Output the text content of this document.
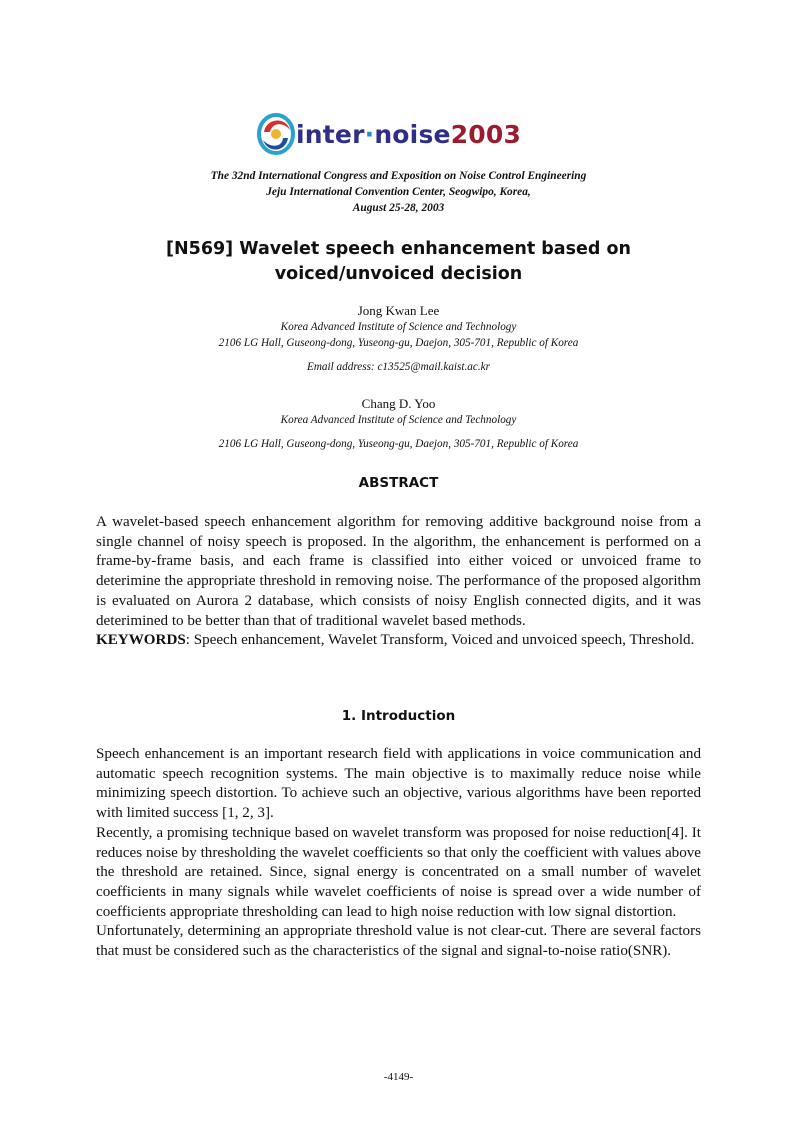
inter·noise2003
The 32nd International Congress and Exposition on Noise Control Engineering
Jeju International Convention Center, Seogwipo, Korea,
August 25-28, 2003
[N569] Wavelet speech enhancement based on voiced/unvoiced decision
Jong Kwan Lee
Korea Advanced Institute of Science and Technology
2106 LG Hall, Guseong-dong, Yuseong-gu, Daejon, 305-701, Republic of Korea
Email address: c13525@mail.kaist.ac.kr
Chang D. Yoo
Korea Advanced Institute of Science and Technology
2106 LG Hall, Guseong-dong, Yuseong-gu, Daejon, 305-701, Republic of Korea
ABSTRACT

A wavelet-based speech enhancement algorithm for removing additive background noise from a single channel of noisy speech is proposed. In the algorithm, the enhancement is performed on a frame-by-frame basis, and each frame is classified into either voiced or unvoiced frame to deterimine the appropriate threshold in removing noise. The performance of the proposed algorithm is evaluated on Aurora 2 database, which consists of noisy English connected digits, and it was deterimined to be better than that of traditional wavelet based methods.

KEYWORDS: Speech enhancement, Wavelet Transform, Voiced and unvoiced speech, Threshold.

1. Introduction

Speech enhancement is an important research field with applications in voice communication and automatic speech recognition systems. The main objective is to maximally reduce noise while minimizing speech distortion. To achieve such an objective, various algorithms have been reported with limited success [1, 2, 3].

Recently, a promising technique based on wavelet transform was proposed for noise reduction[4]. It reduces noise by thresholding the wavelet coefficients so that only the coefficient with values above the threshold are retained. Since, signal energy is concentrated on a small number of wavelet coefficients in many signals while wavelet coefficients of noise is spread over a wide number of coefficients appropriate thresholding can lead to high noise reduction with low signal distortion.

Unfortunately, determining an appropriate threshold value is not clear-cut. There are several factors that must be considered such as the characteristics of the signal and signal-to-noise ratio(SNR).

-4149-
